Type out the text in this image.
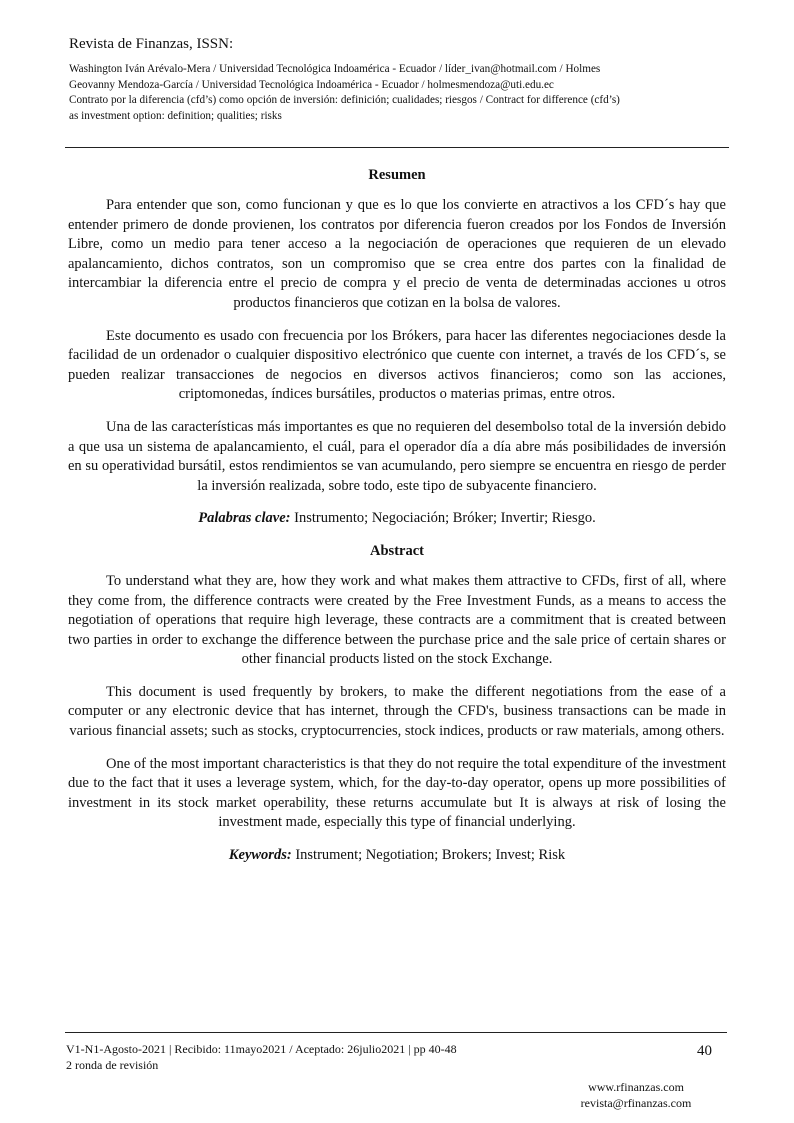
Revista de Finanzas, ISSN:

Washington Iván Arévalo-Mera / Universidad Tecnológica Indoamérica - Ecuador / líder_ivan@hotmail.com / Holmes

Geovanny Mendoza-García / Universidad Tecnológica Indoamérica - Ecuador / holmesmendoza@uti.edu.ec

Contrato por la diferencia (cfd’s) como opción de inversión: definición; cualidades; riesgos / Contract for difference (cfd’s)

as investment option: definition; qualities; risks

Resumen

Para entender que son, como funcionan y que es lo que los convierte en atractivos a los CFD´s hay que entender primero de donde provienen, los contratos por diferencia fueron creados por los Fondos de Inversión Libre, como un medio para tener acceso a la negociación de operaciones que requieren de un elevado apalancamiento, dichos contratos, son un compromiso que se crea entre dos partes con la finalidad de intercambiar la diferencia entre el precio de compra y el precio de venta de determinadas acciones u otros productos financieros que cotizan en la bolsa de valores.

Este documento es usado con frecuencia por los Brókers, para hacer las diferentes negociaciones desde la facilidad de un ordenador o cualquier dispositivo electrónico que cuente con internet, a través de los CFD´s, se pueden realizar transacciones de negocios en diversos activos financieros; como son las acciones, criptomonedas, índices bursátiles, productos o materias primas, entre otros.

Una de las características más importantes es que no requieren del desembolso total de la inversión debido a que usa un sistema de apalancamiento, el cuál, para el operador día a día abre más posibilidades de inversión en su operatividad bursátil, estos rendimientos se van acumulando, pero siempre se encuentra en riesgo de perder la inversión realizada, sobre todo, este tipo de subyacente financiero.

Palabras clave: Instrumento; Negociación; Bróker; Invertir; Riesgo.

Abstract

To understand what they are, how they work and what makes them attractive to CFDs, first of all, where they come from, the difference contracts were created by the Free Investment Funds, as a means to access the negotiation of operations that require high leverage, these contracts are a commitment that is created between two parties in order to exchange the difference between the purchase price and the sale price of certain shares or other financial products listed on the stock Exchange.

This document is used frequently by brokers, to make the different negotiations from the ease of a computer or any electronic device that has internet, through the CFD's, business transactions can be made in various financial assets; such as stocks, cryptocurrencies, stock indices, products or raw materials, among others.

One of the most important characteristics is that they do not require the total expenditure of the investment due to the fact that it uses a leverage system, which, for the day-to-day operator, opens up more possibilities of investment in its stock market operability, these returns accumulate but It is always at risk of losing the investment made, especially this type of financial underlying.

Keywords: Instrument; Negotiation; Brokers; Invest; Risk

V1-N1-Agosto-2021 | Recibido: 11mayo2021 / Aceptado: 26julio2021 | pp 40-48

2 ronda de revisión

40

www.rfinanzas.com

revista@rfinanzas.com
